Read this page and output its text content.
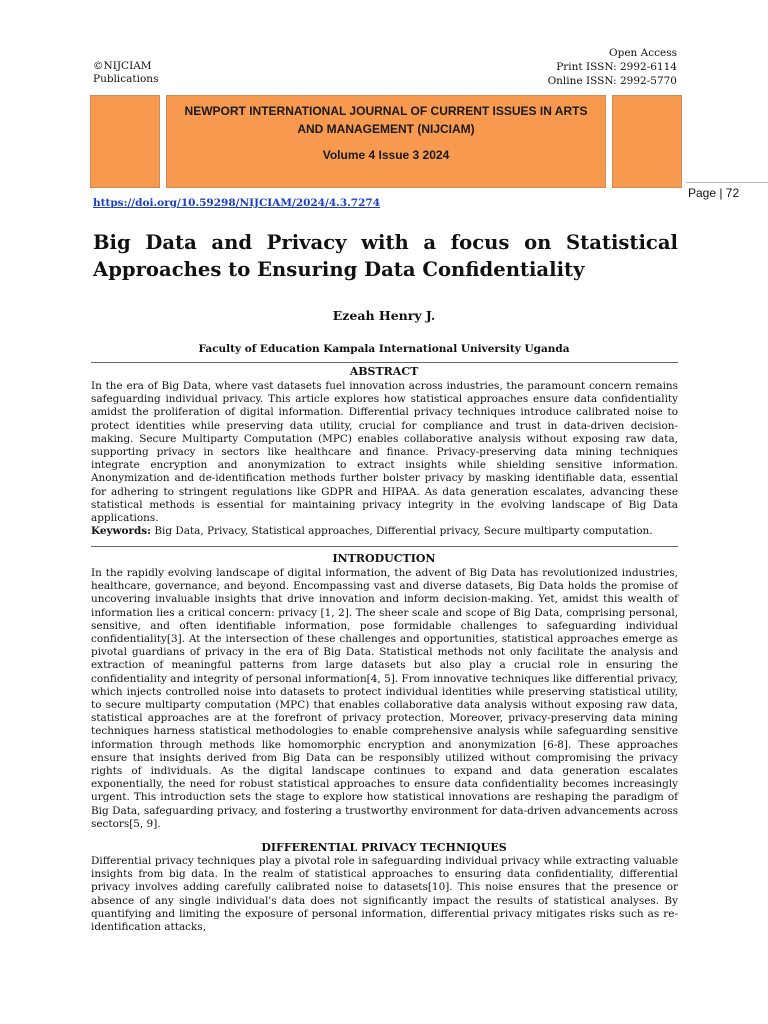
©NIJCIAM
Publications
Open Access
Print ISSN: 2992-6114
Online ISSN: 2992-5770
NEWPORT INTERNATIONAL JOURNAL OF CURRENT ISSUES IN ARTS AND MANAGEMENT (NIJCIAM)
Volume 4 Issue 3 2024
Page | 72
https://doi.org/10.59298/NIJCIAM/2024/4.3.7274
Big Data and Privacy with a focus on Statistical Approaches to Ensuring Data Confidentiality
Ezeah Henry J.
Faculty of Education Kampala International University Uganda
ABSTRACT

In the era of Big Data, where vast datasets fuel innovation across industries, the paramount concern remains safeguarding individual privacy. This article explores how statistical approaches ensure data confidentiality amidst the proliferation of digital information. Differential privacy techniques introduce calibrated noise to protect identities while preserving data utility, crucial for compliance and trust in data-driven decision-making. Secure Multiparty Computation (MPC) enables collaborative analysis without exposing raw data, supporting privacy in sectors like healthcare and finance. Privacy-preserving data mining techniques integrate encryption and anonymization to extract insights while shielding sensitive information. Anonymization and de-identification methods further bolster privacy by masking identifiable data, essential for adhering to stringent regulations like GDPR and HIPAA. As data generation escalates, advancing these statistical methods is essential for maintaining privacy integrity in the evolving landscape of Big Data applications.

Keywords: Big Data, Privacy, Statistical approaches, Differential privacy, Secure multiparty computation.

INTRODUCTION

In the rapidly evolving landscape of digital information, the advent of Big Data has revolutionized industries, healthcare, governance, and beyond. Encompassing vast and diverse datasets, Big Data holds the promise of uncovering invaluable insights that drive innovation and inform decision-making. Yet, amidst this wealth of information lies a critical concern: privacy [1, 2]. The sheer scale and scope of Big Data, comprising personal, sensitive, and often identifiable information, pose formidable challenges to safeguarding individual confidentiality[3]. At the intersection of these challenges and opportunities, statistical approaches emerge as pivotal guardians of privacy in the era of Big Data. Statistical methods not only facilitate the analysis and extraction of meaningful patterns from large datasets but also play a crucial role in ensuring the confidentiality and integrity of personal information[4, 5]. From innovative techniques like differential privacy, which injects controlled noise into datasets to protect individual identities while preserving statistical utility, to secure multiparty computation (MPC) that enables collaborative data analysis without exposing raw data, statistical approaches are at the forefront of privacy protection. Moreover, privacy-preserving data mining techniques harness statistical methodologies to enable comprehensive analysis while safeguarding sensitive information through methods like homomorphic encryption and anonymization [6-8]. These approaches ensure that insights derived from Big Data can be responsibly utilized without compromising the privacy rights of individuals. As the digital landscape continues to expand and data generation escalates exponentially, the need for robust statistical approaches to ensure data confidentiality becomes increasingly urgent. This introduction sets the stage to explore how statistical innovations are reshaping the paradigm of Big Data, safeguarding privacy, and fostering a trustworthy environment for data-driven advancements across sectors[5, 9].

DIFFERENTIAL PRIVACY TECHNIQUES

Differential privacy techniques play a pivotal role in safeguarding individual privacy while extracting valuable insights from big data. In the realm of statistical approaches to ensuring data confidentiality, differential privacy involves adding carefully calibrated noise to datasets[10]. This noise ensures that the presence or absence of any single individual's data does not significantly impact the results of statistical analyses. By quantifying and limiting the exposure of personal information, differential privacy mitigates risks such as re-identification attacks,
